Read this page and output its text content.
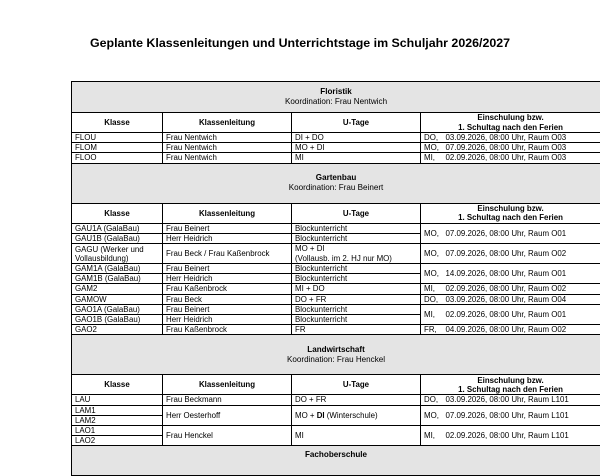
Geplante Klassenleitungen und Unterrichtstage im Schuljahr 2026/2027
Floristik
Koordination: Frau Nentwich				
Klasse	Klassenleitung	U-Tage	Einschulung bzw.
1. Schultag nach den Ferien	
FLOU	Frau Nentwich	DI + DO	DO,	03.09.2026, 08:00 Uhr, Raum O03
FLOM	Frau Nentwich	MO + DI	MO,	07.09.2026, 08:00 Uhr, Raum O03
FLOO	Frau Nentwich	MI	MI,	02.09.2026, 08:00 Uhr, Raum O03

Gartenbau
Koordination: Frau Beinert				
Klasse	Klassenleitung	U-Tage	Einschulung bzw.
1. Schultag nach den Ferien	
GAU1A (GalaBau)	Frau Beinert	Blockunterricht	MO,	07.09.2026, 08:00 Uhr, Raum O01
GAU1B (GalaBau)	Herr Heidrich	Blockunterricht		
GAGU (Werker und Vollausbildung)	Frau Beck / Frau Kaßenbrock	MO + DI
(Vollausb. im 2. HJ nur MO)	MO,	07.09.2026, 08:00 Uhr, Raum O02
GAM1A (GalaBau)	Frau Beinert	Blockunterricht	MO,	14.09.2026, 08:00 Uhr, Raum O01
GAM1B (GalaBau)	Herr Heidrich	Blockunterricht		
GAM2	Frau Kaßenbrock	MI + DO	MI,	02.09.2026, 08:00 Uhr, Raum O02
GAMOW	Frau Beck	DO + FR	DO,	03.09.2026, 08:00 Uhr, Raum O04
GAO1A (GalaBau)	Frau Beinert	Blockunterricht	MI,	02.09.2026, 08:00 Uhr, Raum O01
GAO1B (GalaBau)	Herr Heidrich	Blockunterricht		
GAO2	Frau Kaßenbrock	FR	FR,	04.09.2026, 08:00 Uhr, Raum O02

Landwirtschaft
Koordination: Frau Henckel				
Klasse	Klassenleitung	U-Tage	Einschulung bzw.
1. Schultag nach den Ferien	
LAU	Frau Beckmann	DO + FR	DO,	03.09.2026, 08:00 Uhr, Raum L101
LAM1	Herr Oesterhoff	MO + DI (Winterschule)	MO,	07.09.2026, 08:00 Uhr, Raum L101
LAM2				
LAO1	Frau Henckel	MI	MI,	02.09.2026, 08:00 Uhr, Raum L101
LAO2				

Fachoberschule				
